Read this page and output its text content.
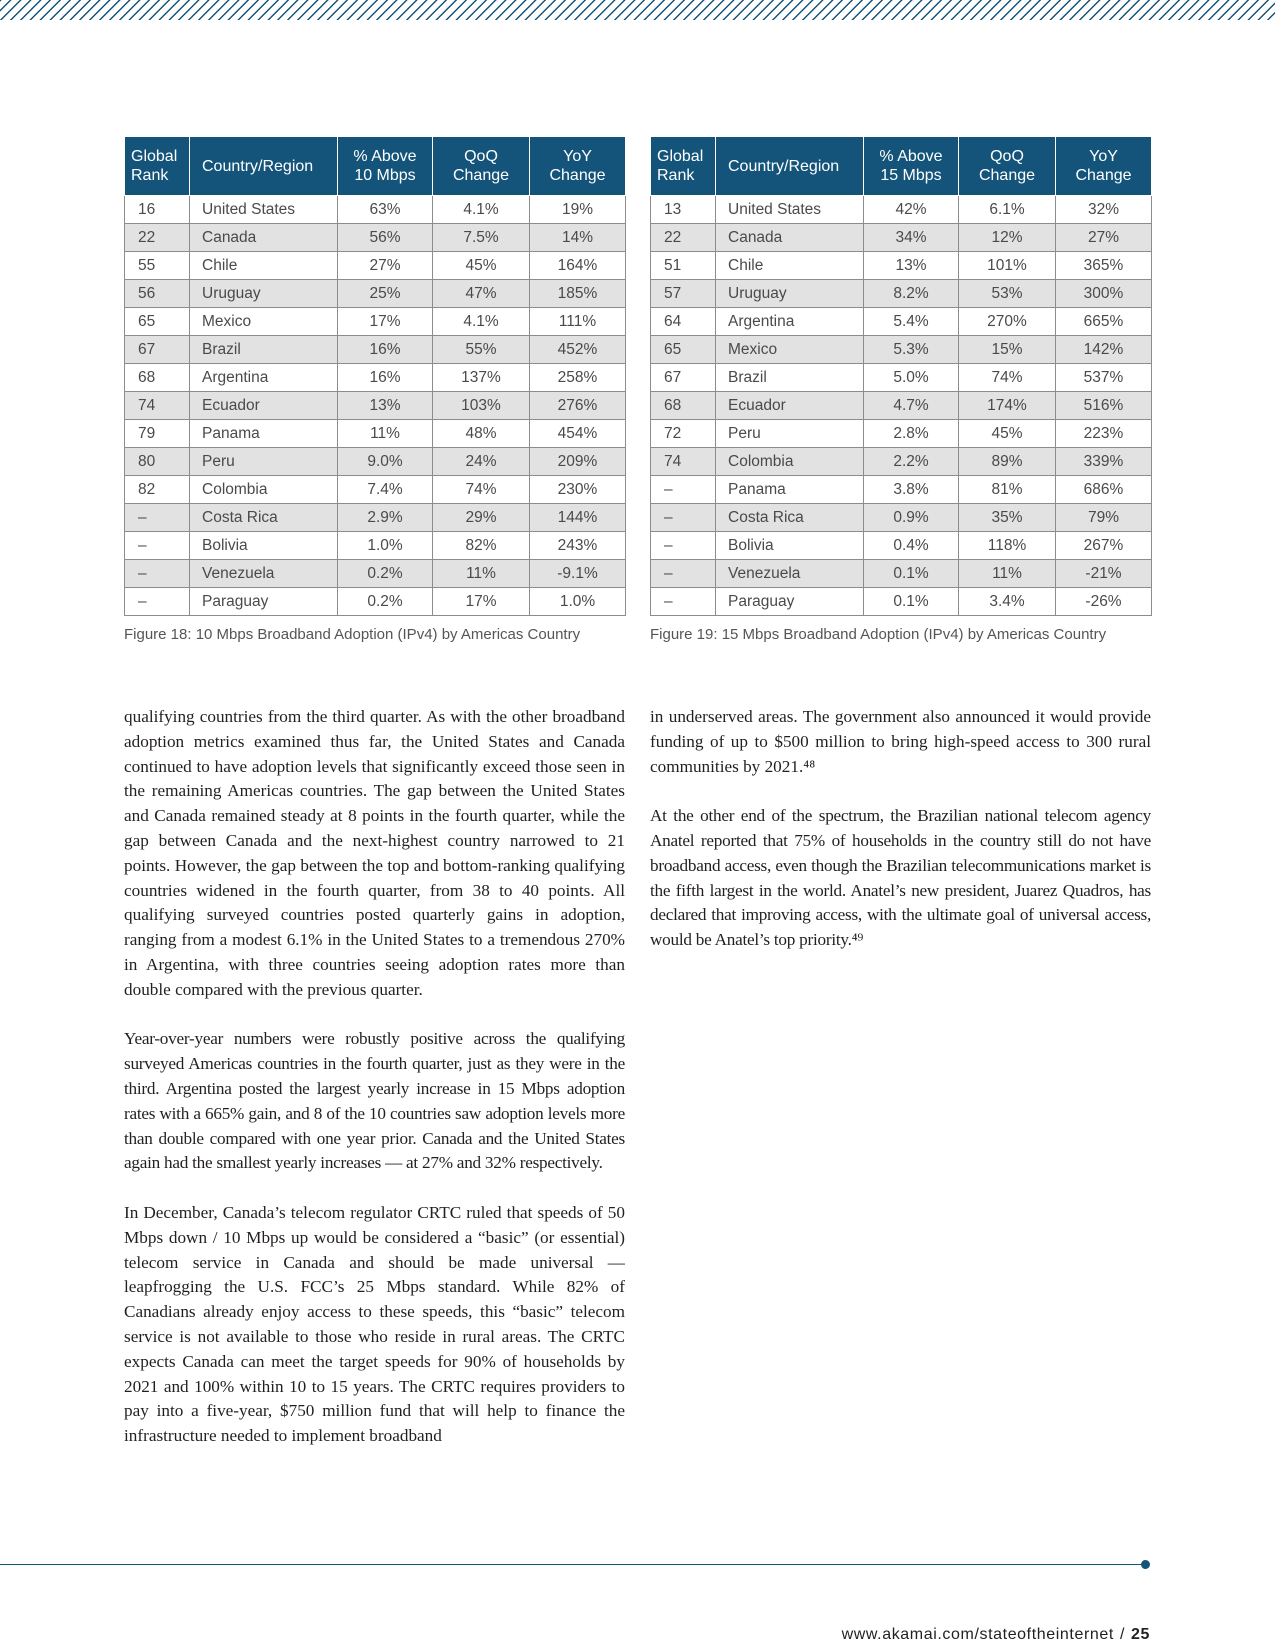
Global Rank	Country/Region	% Above 10 Mbps	QoQ Change	YoY Change
16	United States	63%	4.1%	19%
22	Canada	56%	7.5%	14%
55	Chile	27%	45%	164%
56	Uruguay	25%	47%	185%
65	Mexico	17%	4.1%	111%
67	Brazil	16%	55%	452%
68	Argentina	16%	137%	258%
74	Ecuador	13%	103%	276%
79	Panama	11%	48%	454%
80	Peru	9.0%	24%	209%
82	Colombia	7.4%	74%	230%
–	Costa Rica	2.9%	29%	144%
–	Bolivia	1.0%	82%	243%
–	Venezuela	0.2%	11%	-9.1%
–	Paraguay	0.2%	17%	1.0%
Figure 18: 10 Mbps Broadband Adoption (IPv4) by Americas Country
Global Rank	Country/Region	% Above 15 Mbps	QoQ Change	YoY Change
13	United States	42%	6.1%	32%
22	Canada	34%	12%	27%
51	Chile	13%	101%	365%
57	Uruguay	8.2%	53%	300%
64	Argentina	5.4%	270%	665%
65	Mexico	5.3%	15%	142%
67	Brazil	5.0%	74%	537%
68	Ecuador	4.7%	174%	516%
72	Peru	2.8%	45%	223%
74	Colombia	2.2%	89%	339%
–	Panama	3.8%	81%	686%
–	Costa Rica	0.9%	35%	79%
–	Bolivia	0.4%	118%	267%
–	Venezuela	0.1%	11%	-21%
–	Paraguay	0.1%	3.4%	-26%
Figure 19: 15 Mbps Broadband Adoption (IPv4) by Americas Country

qualifying countries from the third quarter. As with the other broadband adoption metrics examined thus far, the United States and Canada continued to have adoption levels that significantly exceed those seen in the remaining Americas countries. The gap between the United States and Canada remained steady at 8 points in the fourth quarter, while the gap between Canada and the next-highest country narrowed to 21 points. However, the gap between the top and bottom-ranking qualifying countries widened in the fourth quarter, from 38 to 40 points. All qualifying surveyed countries posted quarterly gains in adoption, ranging from a modest 6.1% in the United States to a tremendous 270% in Argentina, with three countries seeing adoption rates more than double compared with the previous quarter.

Year-over-year numbers were robustly positive across the qualifying surveyed Americas countries in the fourth quarter, just as they were in the third. Argentina posted the largest yearly increase in 15 Mbps adoption rates with a 665% gain, and 8 of the 10 countries saw adoption levels more than double compared with one year prior. Canada and the United States again had the smallest yearly increases — at 27% and 32% respectively.

In December, Canada’s telecom regulator CRTC ruled that speeds of 50 Mbps down / 10 Mbps up would be considered a “basic” (or essential) telecom service in Canada and should be made universal — leapfrogging the U.S. FCC’s 25 Mbps standard. While 82% of Canadians already enjoy access to these speeds, this “basic” telecom service is not available to those who reside in rural areas. The CRTC expects Canada can meet the target speeds for 90% of households by 2021 and 100% within 10 to 15 years. The CRTC requires providers to pay into a five-year, $750 million fund that will help to finance the infrastructure needed to implement broadband

in underserved areas. The government also announced it would provide funding of up to $500 million to bring high-speed access to 300 rural communities by 2021.⁴⁸

At the other end of the spectrum, the Brazilian national telecom agency Anatel reported that 75% of households in the country still do not have broadband access, even though the Brazilian telecommunications market is the fifth largest in the world. Anatel’s new president, Juarez Quadros, has declared that improving access, with the ultimate goal of universal access, would be Anatel’s top priority.⁴⁹

www.akamai.com/stateoftheinternet / 25
